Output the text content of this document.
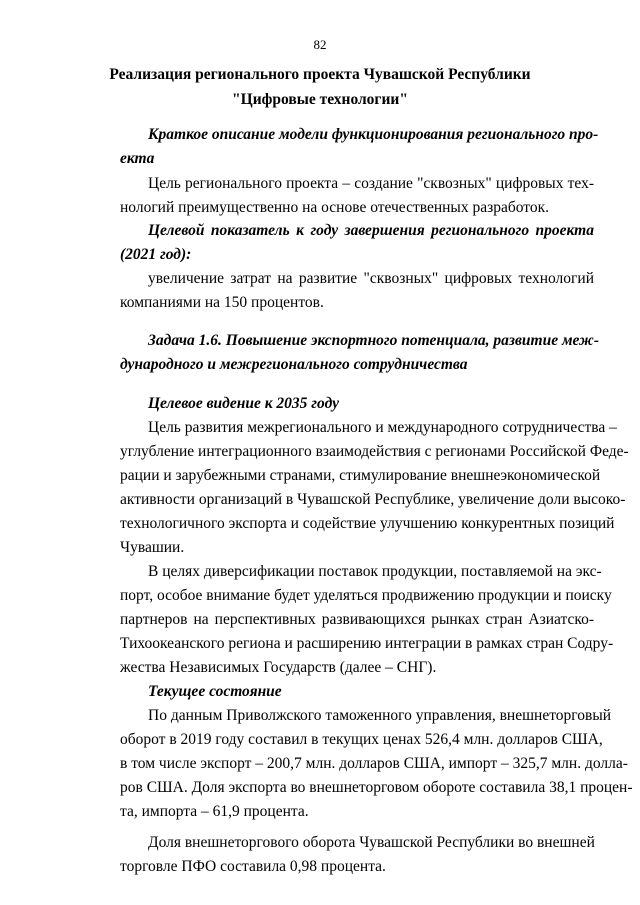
82
Реализация регионального проекта Чувашской Республики
"Цифровые технологии"
Краткое описание модели функционирования регионального про-
екта
Цель регионального проекта – создание "сквозных" цифровых тех-
нологий преимущественно на основе отечественных разработок.
Целевой показатель к году завершения регионального проекта
(2021 год):
увеличение затрат на развитие "сквозных" цифровых технологий
компаниями на 150 процентов.
Задача 1.6. Повышение экспортного потенциала, развитие меж-
дународного и межрегионального сотрудничества
Целевое видение к 2035 году
Цель развития межрегионального и международного сотрудничества –
углубление интеграционного взаимодействия с регионами Российской Феде-
рации и зарубежными странами, стимулирование внешнеэкономической
активности организаций в Чувашской Республике, увеличение доли высоко-
технологичного экспорта и содействие улучшению конкурентных позиций
Чувашии.
В целях диверсификации поставок продукции, поставляемой на экс-
порт, особое внимание будет уделяться продвижению продукции и поиску
партнеров на перспективных развивающихся рынках стран Азиатско-
Тихоокеанского региона и расширению интеграции в рамках стран Содру-
жества Независимых Государств (далее – СНГ).
Текущее состояние
По данным Приволжского таможенного управления, внешнеторговый
оборот в 2019 году составил в текущих ценах 526,4 млн. долларов США,
в том числе экспорт – 200,7 млн. долларов США, импорт – 325,7 млн. долла-
ров США. Доля экспорта во внешнеторговом обороте составила 38,1 процен-
та, импорта – 61,9 процента.
Доля внешнеторгового оборота Чувашской Республики во внешней
торговле ПФО составила 0,98 процента.
